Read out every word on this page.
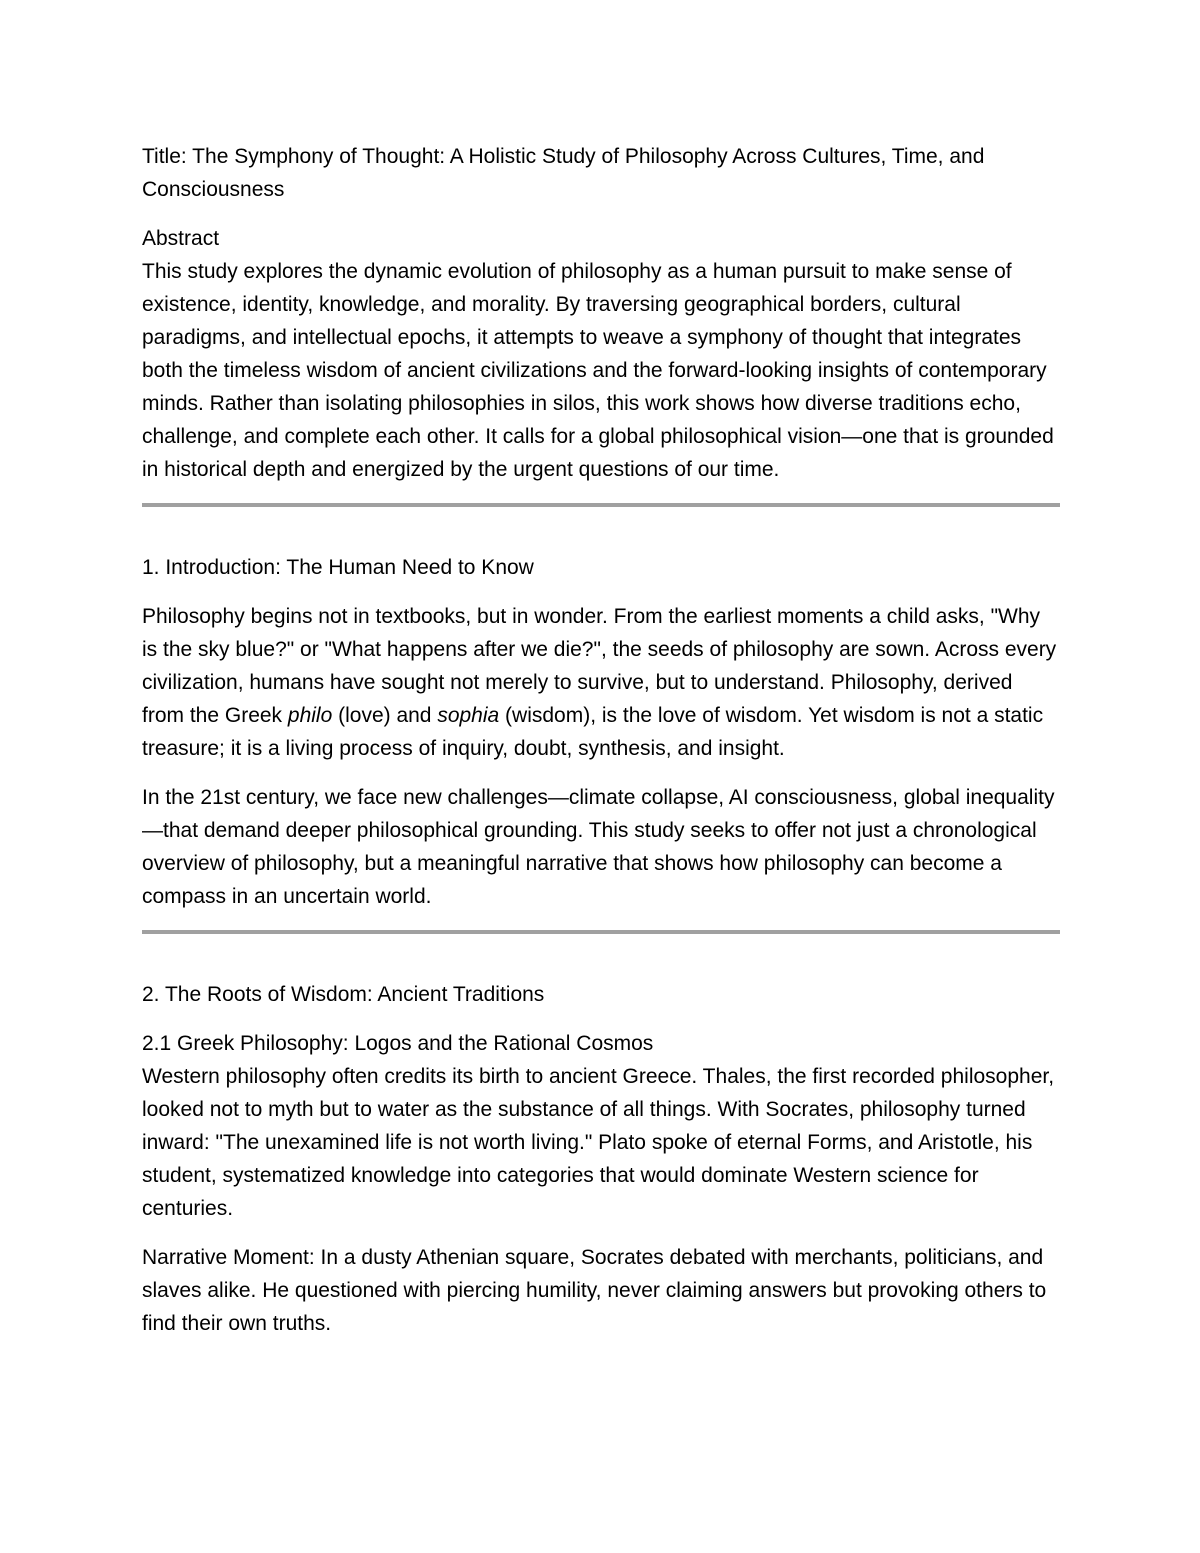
Title: The Symphony of Thought: A Holistic Study of Philosophy Across Cultures, Time, and Consciousness

Abstract

This study explores the dynamic evolution of philosophy as a human pursuit to make sense of existence, identity, knowledge, and morality. By traversing geographical borders, cultural paradigms, and intellectual epochs, it attempts to weave a symphony of thought that integrates both the timeless wisdom of ancient civilizations and the forward-looking insights of contemporary minds. Rather than isolating philosophies in silos, this work shows how diverse traditions echo, challenge, and complete each other. It calls for a global philosophical vision—one that is grounded in historical depth and energized by the urgent questions of our time.

1. Introduction: The Human Need to Know

Philosophy begins not in textbooks, but in wonder. From the earliest moments a child asks, "Why is the sky blue?" or "What happens after we die?", the seeds of philosophy are sown. Across every civilization, humans have sought not merely to survive, but to understand. Philosophy, derived from the Greek philo (love) and sophia (wisdom), is the love of wisdom. Yet wisdom is not a static treasure; it is a living process of inquiry, doubt, synthesis, and insight.

In the 21st century, we face new challenges—climate collapse, AI consciousness, global inequality—that demand deeper philosophical grounding. This study seeks to offer not just a chronological overview of philosophy, but a meaningful narrative that shows how philosophy can become a compass in an uncertain world.

2. The Roots of Wisdom: Ancient Traditions

2.1 Greek Philosophy: Logos and the Rational Cosmos

Western philosophy often credits its birth to ancient Greece. Thales, the first recorded philosopher, looked not to myth but to water as the substance of all things. With Socrates, philosophy turned inward: "The unexamined life is not worth living." Plato spoke of eternal Forms, and Aristotle, his student, systematized knowledge into categories that would dominate Western science for centuries.

Narrative Moment: In a dusty Athenian square, Socrates debated with merchants, politicians, and slaves alike. He questioned with piercing humility, never claiming answers but provoking others to find their own truths.
